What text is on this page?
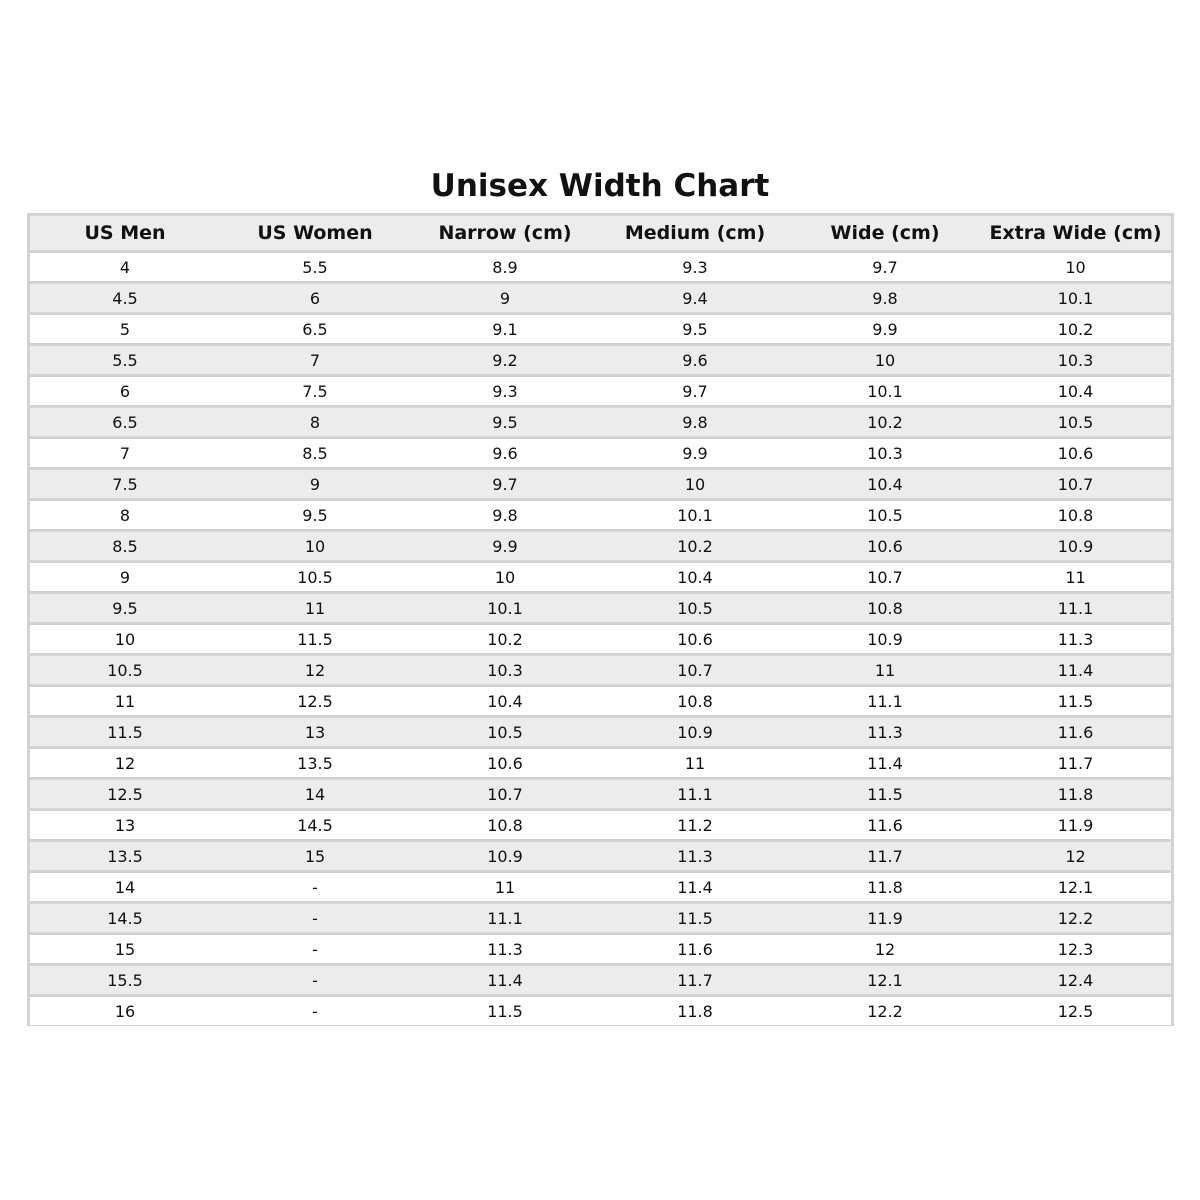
Unisex Width Chart
US Men	US Women	Narrow (cm)	Medium (cm)	Wide (cm)	Extra Wide (cm)
4	5.5	8.9	9.3	9.7	10
4.5	6	9	9.4	9.8	10.1
5	6.5	9.1	9.5	9.9	10.2
5.5	7	9.2	9.6	10	10.3
6	7.5	9.3	9.7	10.1	10.4
6.5	8	9.5	9.8	10.2	10.5
7	8.5	9.6	9.9	10.3	10.6
7.5	9	9.7	10	10.4	10.7
8	9.5	9.8	10.1	10.5	10.8
8.5	10	9.9	10.2	10.6	10.9
9	10.5	10	10.4	10.7	11
9.5	11	10.1	10.5	10.8	11.1
10	11.5	10.2	10.6	10.9	11.3
10.5	12	10.3	10.7	11	11.4
11	12.5	10.4	10.8	11.1	11.5
11.5	13	10.5	10.9	11.3	11.6
12	13.5	10.6	11	11.4	11.7
12.5	14	10.7	11.1	11.5	11.8
13	14.5	10.8	11.2	11.6	11.9
13.5	15	10.9	11.3	11.7	12
14	-	11	11.4	11.8	12.1
14.5	-	11.1	11.5	11.9	12.2
15	-	11.3	11.6	12	12.3
15.5	-	11.4	11.7	12.1	12.4
16	-	11.5	11.8	12.2	12.5
